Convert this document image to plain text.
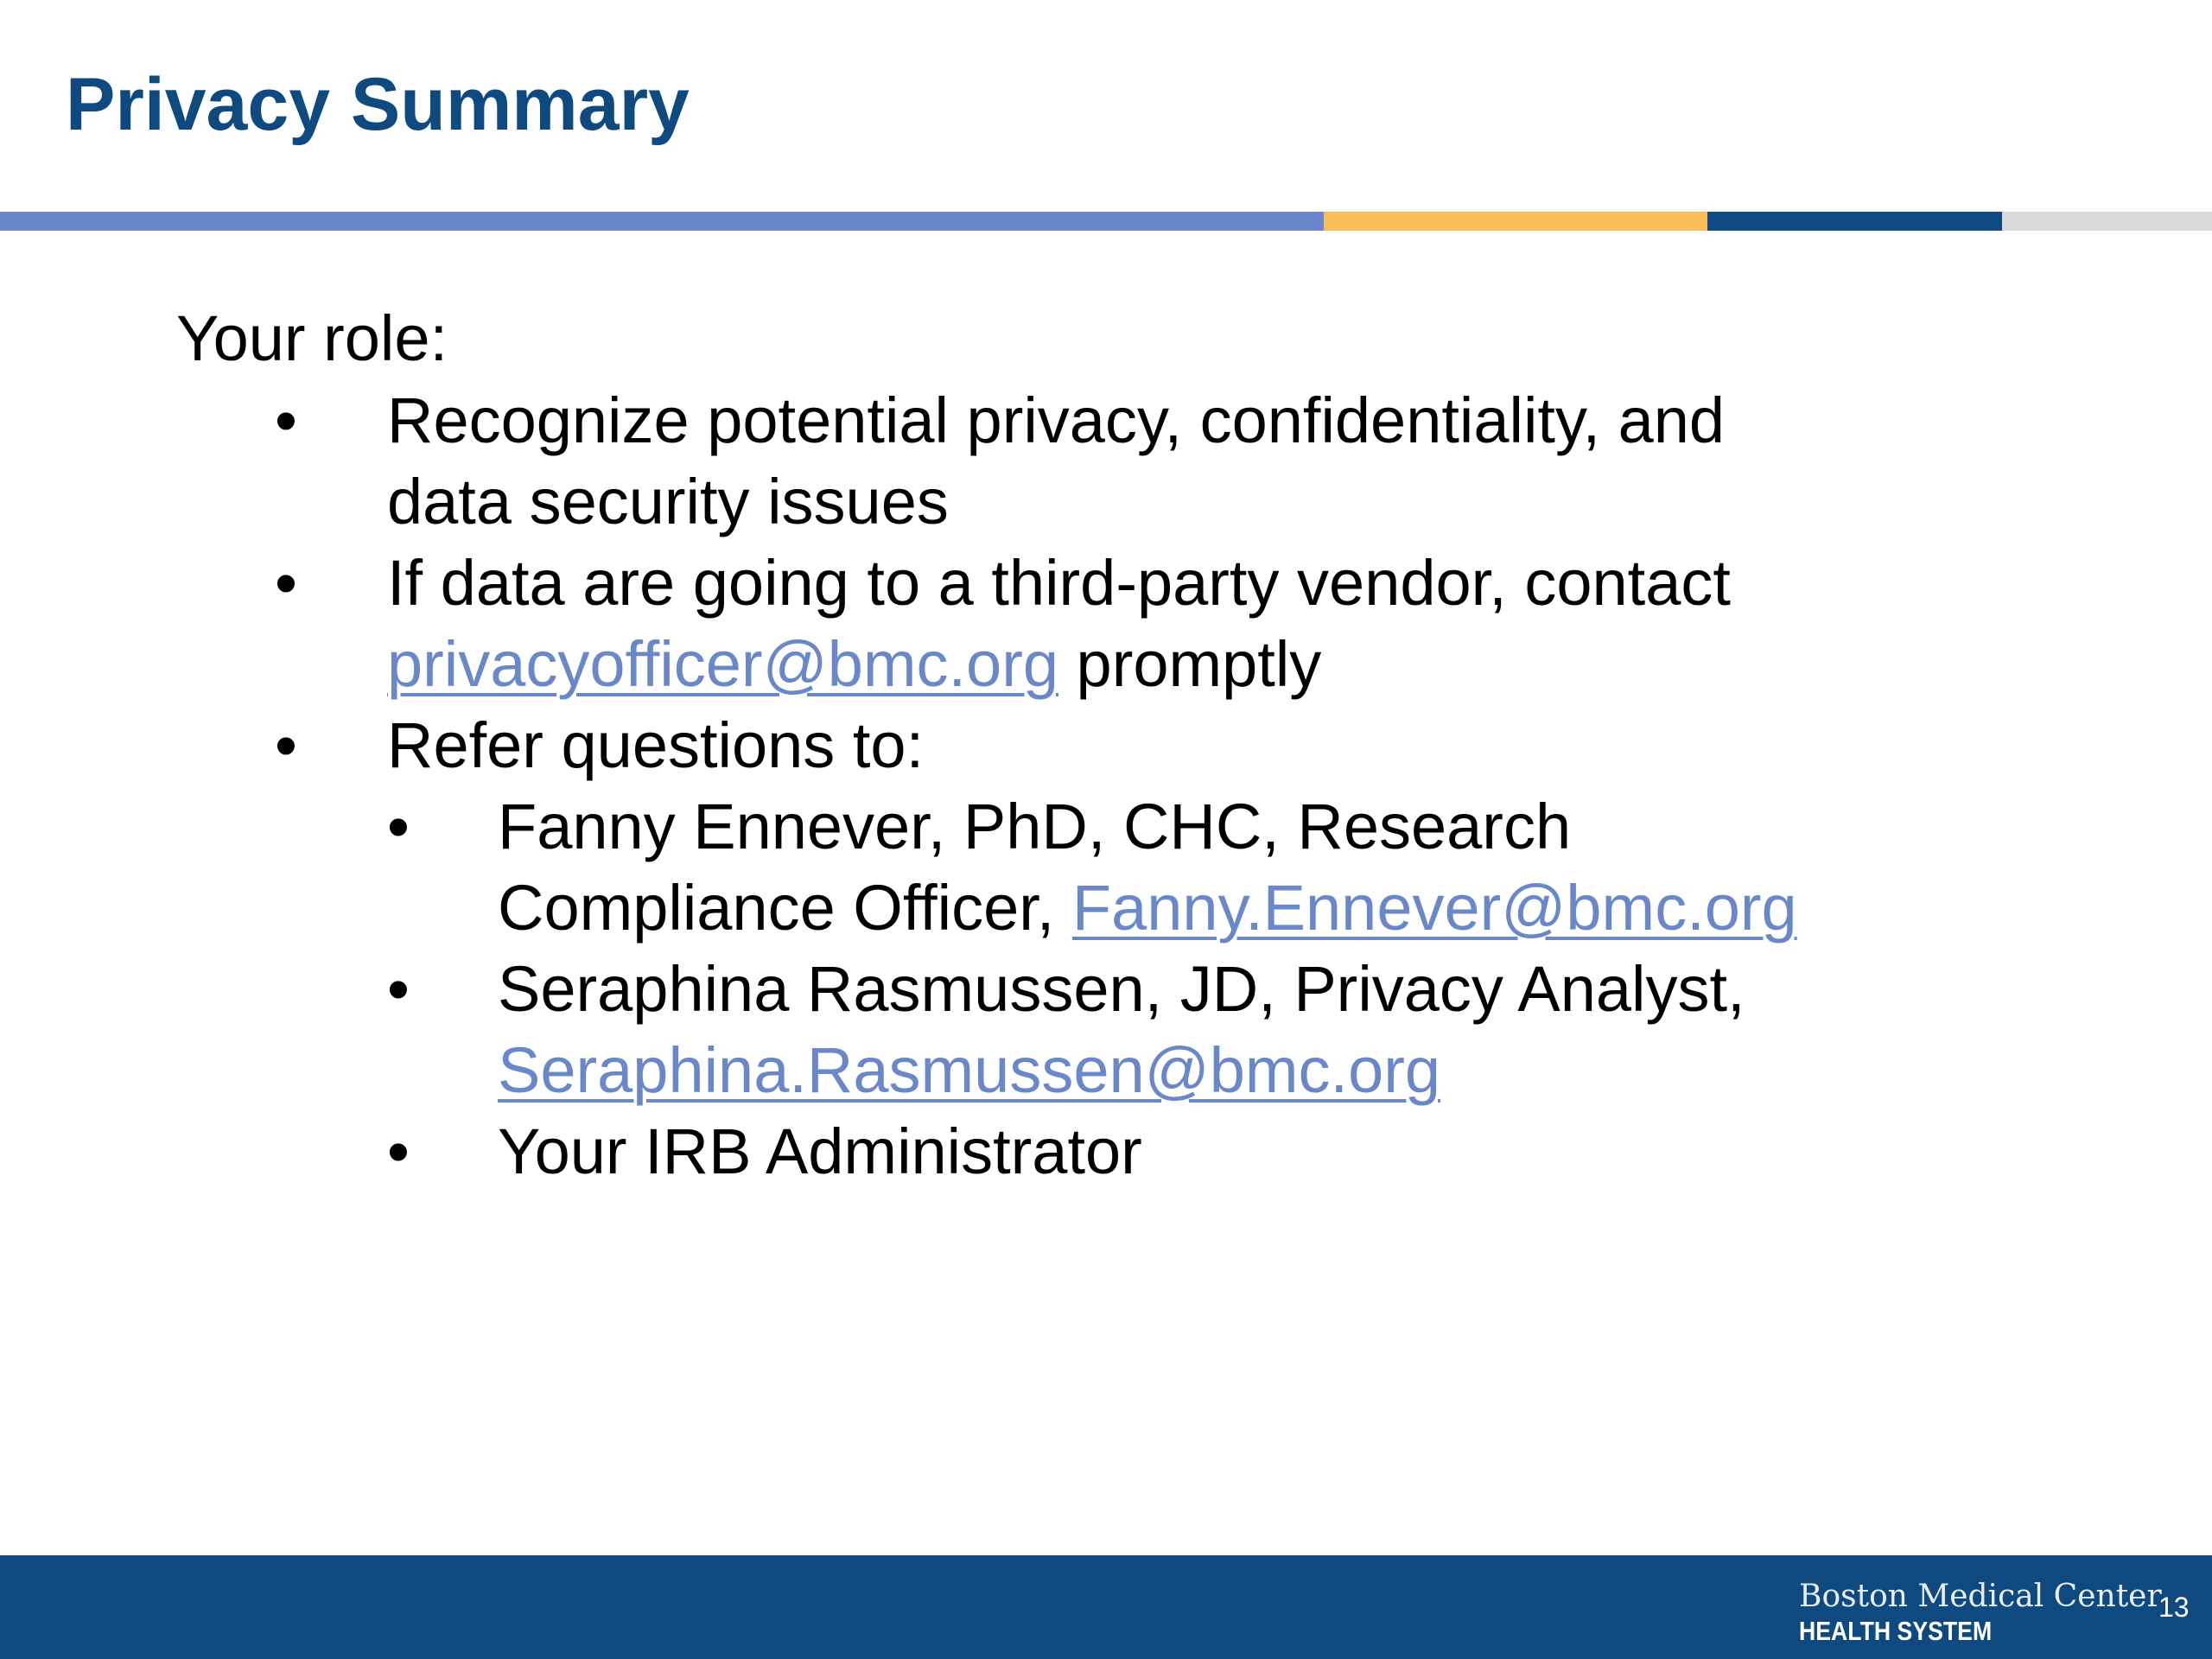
Privacy Summary
Your role:
• Recognize potential privacy, confidentiality, and
data security issues
• If data are going to a third-party vendor, contact
privacyofficer@bmc.org promptly
• Refer questions to:
• Fanny Ennever, PhD, CHC, Research
Compliance Officer, Fanny.Ennever@bmc.org
• Seraphina Rasmussen, JD, Privacy Analyst,
Seraphina.Rasmussen@bmc.org
• Your IRB Administrator
Boston Medical Center
HEALTH SYSTEM
13
